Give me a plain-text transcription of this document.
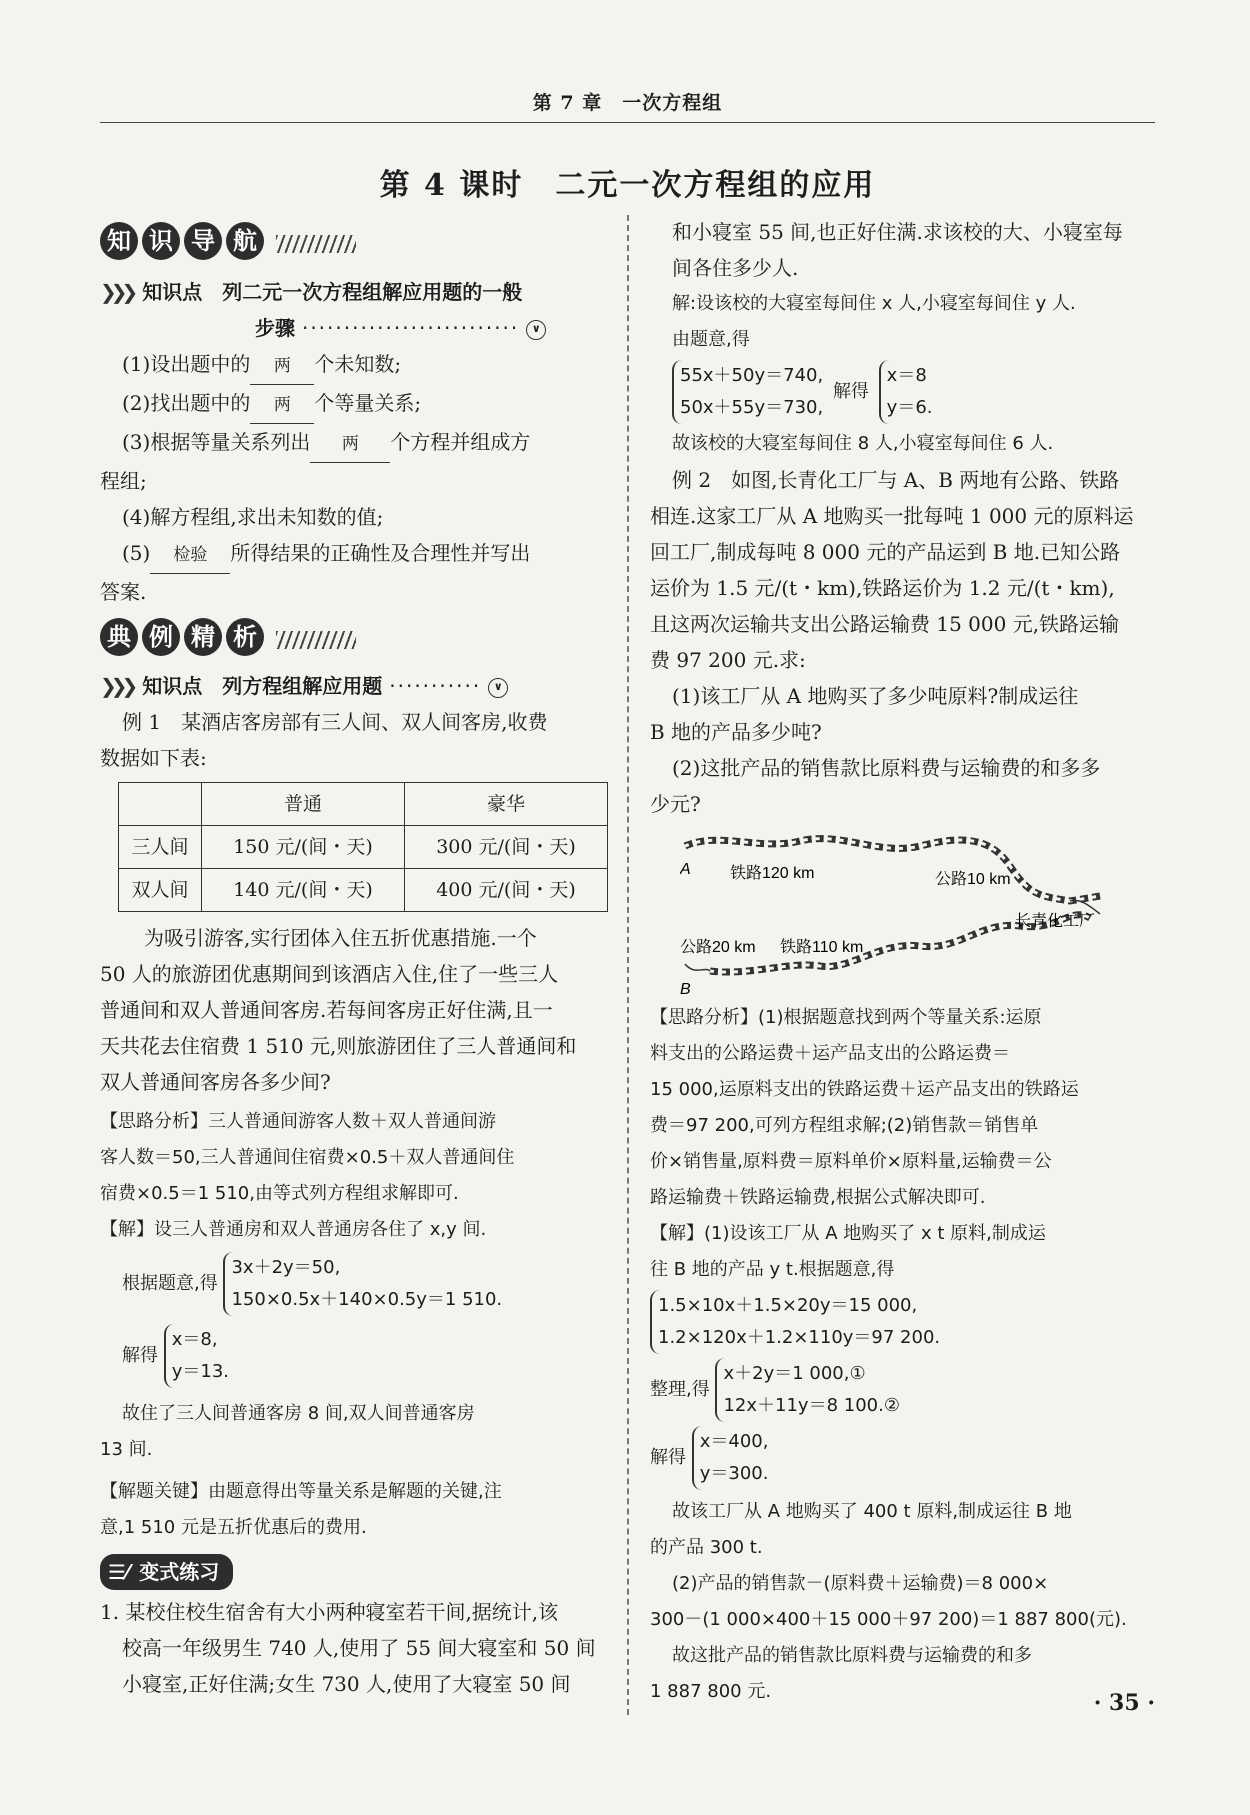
第 7 章　一次方程组
第 4 课时　二元一次方程组的应用
知 识 导 航

❯❯❯ 知识点　 列二元一次方程组解应用题的一般

步骤 ·························· ∨

(1)设出题中的 两 个未知数;

(2)找出题中的 两 个等量关系;

(3)根据等量关系列出 两 个方程并组成方

程组;

(4)解方程组,求出未知数的值;

(5) 检验 所得结果的正确性及合理性并写出

答案.

典 例 精 析

❯❯❯ 知识点　 列方程组解应用题 ··········· ∨

例 1　某酒店客房部有三人间、双人间客房,收费

数据如下表:

	普通	豪华
三人间	150 元/(间・天)	300 元/(间・天)
双人间	140 元/(间・天)	400 元/(间・天)

为吸引游客,实行团体入住五折优惠措施.一个

50 人的旅游团优惠期间到该酒店入住,住了一些三人

普通间和双人普通间客房.若每间客房正好住满,且一

天共花去住宿费 1 510 元,则旅游团住了三人普通间和

双人普通间客房各多少间?

【思路分析】三人普通间游客人数＋双人普通间游

客人数＝50,三人普通间住宿费×0.5＋双人普通间住

宿费×0.5＝1 510,由等式列方程组求解即可.

【解】设三人普通房和双人普通房各住了 x,y 间.

根据题意,得
3x＋2y＝50,
150×0.5x＋140×0.5y＝1 510.
解得
x＝8,
y＝13.

故住了三人间普通客房 8 间,双人间普通客房

13 间.

【解题关键】由题意得出等量关系是解题的关键,注

意,1 510 元是五折优惠后的费用.

☰⁄ 变式练习

1. 某校住校生宿舍有大小两种寝室若干间,据统计,该

校高一年级男生 740 人,使用了 55 间大寝室和 50 间

小寝室,正好住满;女生 730 人,使用了大寝室 50 间

和小寝室 55 间,也正好住满.求该校的大、小寝室每

间各住多少人.

解:设该校的大寝室每间住 x 人,小寝室每间住 y 人.

由题意,得

55x＋50y＝740,
50x＋55y＝730,
解得
x＝8
y＝6.

故该校的大寝室每间住 8 人,小寝室每间住 6 人.

例 2　如图,长青化工厂与 A、B 两地有公路、铁路

相连.这家工厂从 A 地购买一批每吨 1 000 元的原料运

回工厂,制成每吨 8 000 元的产品运到 B 地.已知公路

运价为 1.5 元/(t・km),铁路运价为 1.2 元/(t・km),

且这两次运输共支出公路运输费 15 000 元,铁路运输

费 97 200 元.求:

(1)该工厂从 A 地购买了多少吨原料?制成运往

B 地的产品多少吨?

(2)这批产品的销售款比原料费与运输费的和多多

少元?

A 铁路120 km	公路10 km
长青化工厂
公路20 km 铁路110 km
B

【思路分析】(1)根据题意找到两个等量关系:运原

料支出的公路运费＋运产品支出的公路运费＝

15 000,运原料支出的铁路运费＋运产品支出的铁路运

费＝97 200,可列方程组求解;(2)销售款＝销售单

价×销售量,原料费＝原料单价×原料量,运输费＝公

路运输费＋铁路运输费,根据公式解决即可.

【解】(1)设该工厂从 A 地购买了 x t 原料,制成运

往 B 地的产品 y t.根据题意,得

1.5×10x＋1.5×20y＝15 000,
1.2×120x＋1.2×110y＝97 200.
整理,得
x＋2y＝1 000,①
12x＋11y＝8 100.②
解得
x＝400,
y＝300.

故该工厂从 A 地购买了 400 t 原料,制成运往 B 地

的产品 300 t.

(2)产品的销售款－(原料费＋运输费)＝8 000×

300－(1 000×400＋15 000＋97 200)＝1 887 800(元).

故这批产品的销售款比原料费与运输费的和多

1 887 800 元.	· 35 ·
